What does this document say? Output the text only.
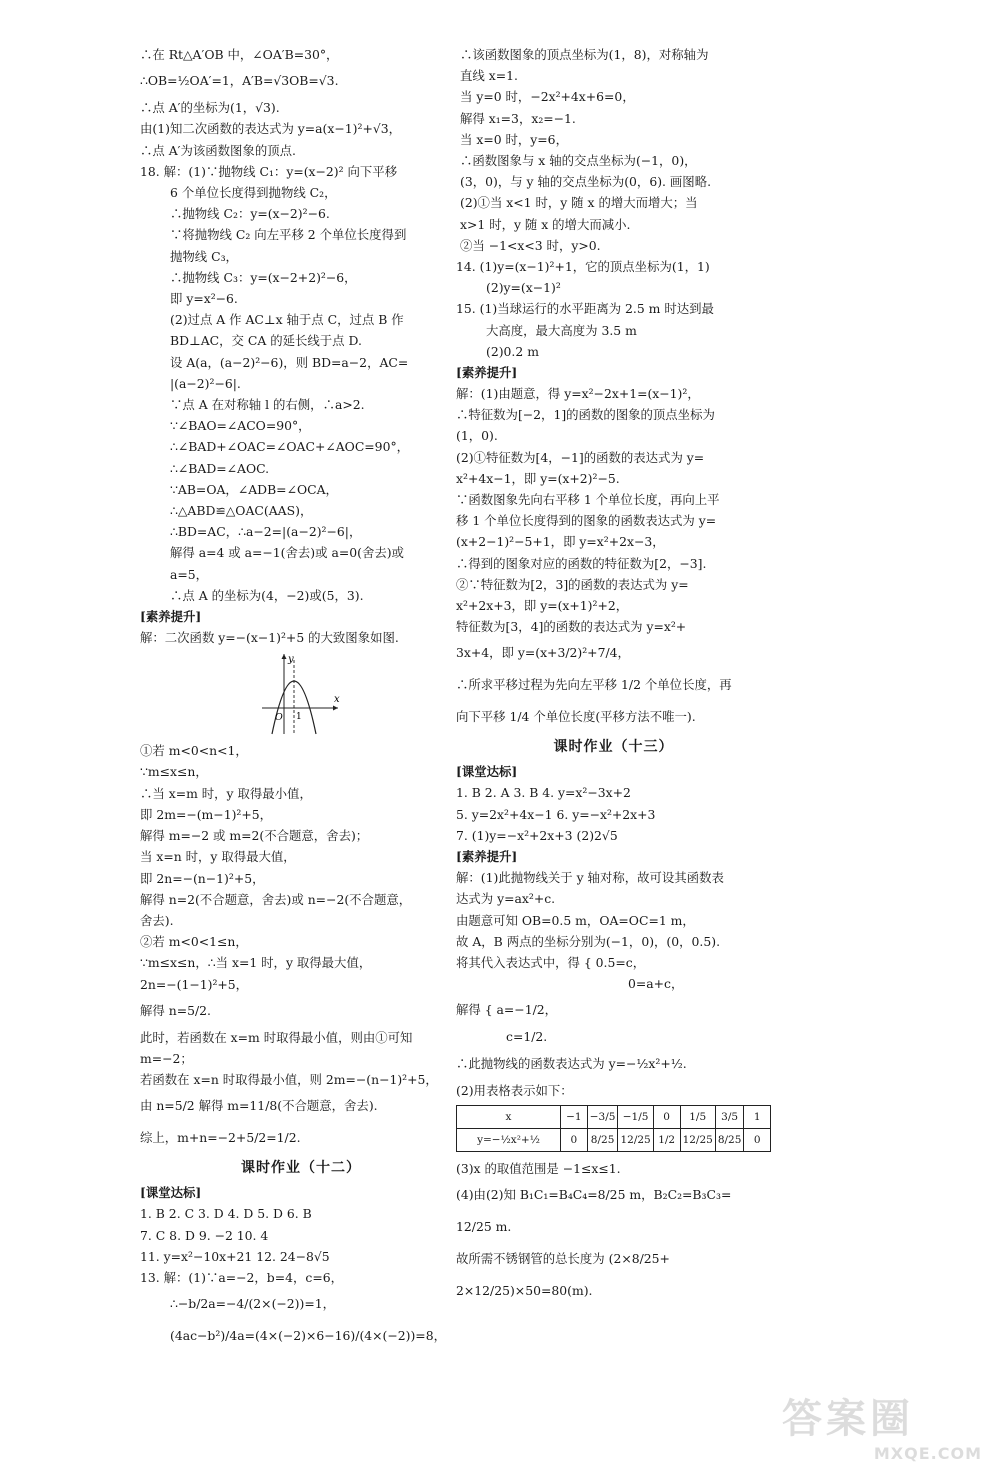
∴在 Rt△A′OB 中，∠OA′B=30°，
∴OB=½OA′=1，A′B=√3OB=√3.
∴点 A′的坐标为(1，√3).
由(1)知二次函数的表达式为 y=a(x−1)²+√3，
∴点 A′为该函数图象的顶点.
18. 解：(1)∵抛物线 C₁：y=(x−2)² 向下平移
6 个单位长度得到抛物线 C₂，
∴抛物线 C₂：y=(x−2)²−6.
∵将抛物线 C₂ 向左平移 2 个单位长度得到
抛物线 C₃，
∴抛物线 C₃：y=(x−2+2)²−6，
即 y=x²−6.
(2)过点 A 作 AC⊥x 轴于点 C，过点 B 作
BD⊥AC，交 CA 的延长线于点 D.
设 A(a，(a−2)²−6)，则 BD=a−2，AC=
|(a−2)²−6|.
∵点 A 在对称轴 l 的右侧，∴a>2.
∵∠BAO=∠ACO=90°，
∴∠BAD+∠OAC=∠OAC+∠AOC=90°，
∴∠BAD=∠AOC.
∵AB=OA，∠ADB=∠OCA，
∴△ABD≌△OAC(AAS)，
∴BD=AC，∴a−2=|(a−2)²−6|，
解得 a=4 或 a=−1(舍去)或 a=0(舍去)或
a=5，
∴点 A 的坐标为(4，−2)或(5，3).
[素养提升]
解：二次函数 y=−(x−1)²+5 的大致图象如图.
y
x
O 1
①若 m<0<n<1，
∵m≤x≤n，
∴当 x=m 时，y 取得最小值，
即 2m=−(m−1)²+5，
解得 m=−2 或 m=2(不合题意，舍去)；
当 x=n 时，y 取得最大值，
即 2n=−(n−1)²+5，
解得 n=2(不合题意，舍去)或 n=−2(不合题意，
舍去).
②若 m<0<1≤n，
∵m≤x≤n，∴当 x=1 时，y 取得最大值，
2n=−(1−1)²+5，
解得 n=5/2.
此时，若函数在 x=m 时取得最小值，则由①可知
m=−2；
若函数在 x=n 时取得最小值，则 2m=−(n−1)²+5，
由 n=5/2 解得 m=11/8(不合题意，舍去).
综上，m+n=−2+5/2=1/2.
课时作业（十二）
[课堂达标]
1. B 2. C 3. D 4. D 5. D 6. B
7. C 8. D 9. −2 10. 4
11. y=x²−10x+21 12. 24−8√5
13. 解：(1)∵a=−2，b=4，c=6，
∴−b/2a=−4/(2×(−2))=1，
(4ac−b²)/4a=(4×(−2)×6−16)/(4×(−2))=8，
∴该函数图象的顶点坐标为(1，8)，对称轴为
直线 x=1.
当 y=0 时，−2x²+4x+6=0，
解得 x₁=3，x₂=−1.
当 x=0 时，y=6，
∴函数图象与 x 轴的交点坐标为(−1，0)，
(3，0)，与 y 轴的交点坐标为(0，6). 画图略.
(2)①当 x<1 时，y 随 x 的增大而增大；当
x>1 时，y 随 x 的增大而减小.
②当 −1<x<3 时，y>0.
14. (1)y=(x−1)²+1，它的顶点坐标为(1，1)
(2)y=(x−1)²
15. (1)当球运行的水平距离为 2.5 m 时达到最
大高度，最大高度为 3.5 m
(2)0.2 m
[素养提升]
解：(1)由题意，得 y=x²−2x+1=(x−1)²，
∴特征数为[−2，1]的函数的图象的顶点坐标为
(1，0).
(2)①特征数为[4，−1]的函数的表达式为 y=
x²+4x−1，即 y=(x+2)²−5.
∵函数图象先向右平移 1 个单位长度，再向上平
移 1 个单位长度得到的图象的函数表达式为 y=
(x+2−1)²−5+1，即 y=x²+2x−3，
∴得到的图象对应的函数的特征数为[2，−3].
②∵特征数为[2，3]的函数的表达式为 y=
x²+2x+3，即 y=(x+1)²+2，
特征数为[3，4]的函数的表达式为 y=x²+
3x+4，即 y=(x+3/2)²+7/4，
∴所求平移过程为先向左平移 1/2 个单位长度，再
向下平移 1/4 个单位长度(平移方法不唯一).
课时作业（十三）
[课堂达标]
1. B 2. A 3. B 4. y=x²−3x+2
5. y=2x²+4x−1 6. y=−x²+2x+3
7. (1)y=−x²+2x+3 (2)2√5
[素养提升]
解：(1)此抛物线关于 y 轴对称，故可设其函数表
达式为 y=ax²+c.
由题意可知 OB=0.5 m，OA=OC=1 m，
故 A，B 两点的坐标分别为(−1，0)，(0，0.5).
将其代入表达式中，得 { 0.5=c，
0=a+c，
解得 { a=−1/2，
c=1/2.
∴此抛物线的函数表达式为 y=−½x²+½.
(2)用表格表示如下：
x	−1	−3/5	−1/5	0	1/5	3/5	1
y=−½x²+½	0	8/25	12/25	1/2	12/25	8/25	0
(3)x 的取值范围是 −1≤x≤1.
(4)由(2)知 B₁C₁=B₄C₄=8/25 m，B₂C₂=B₃C₃=
12/25 m.
故所需不锈钢管的总长度为 (2×8/25+
2×12/25)×50=80(m).
答案圈
MXQE.COM
